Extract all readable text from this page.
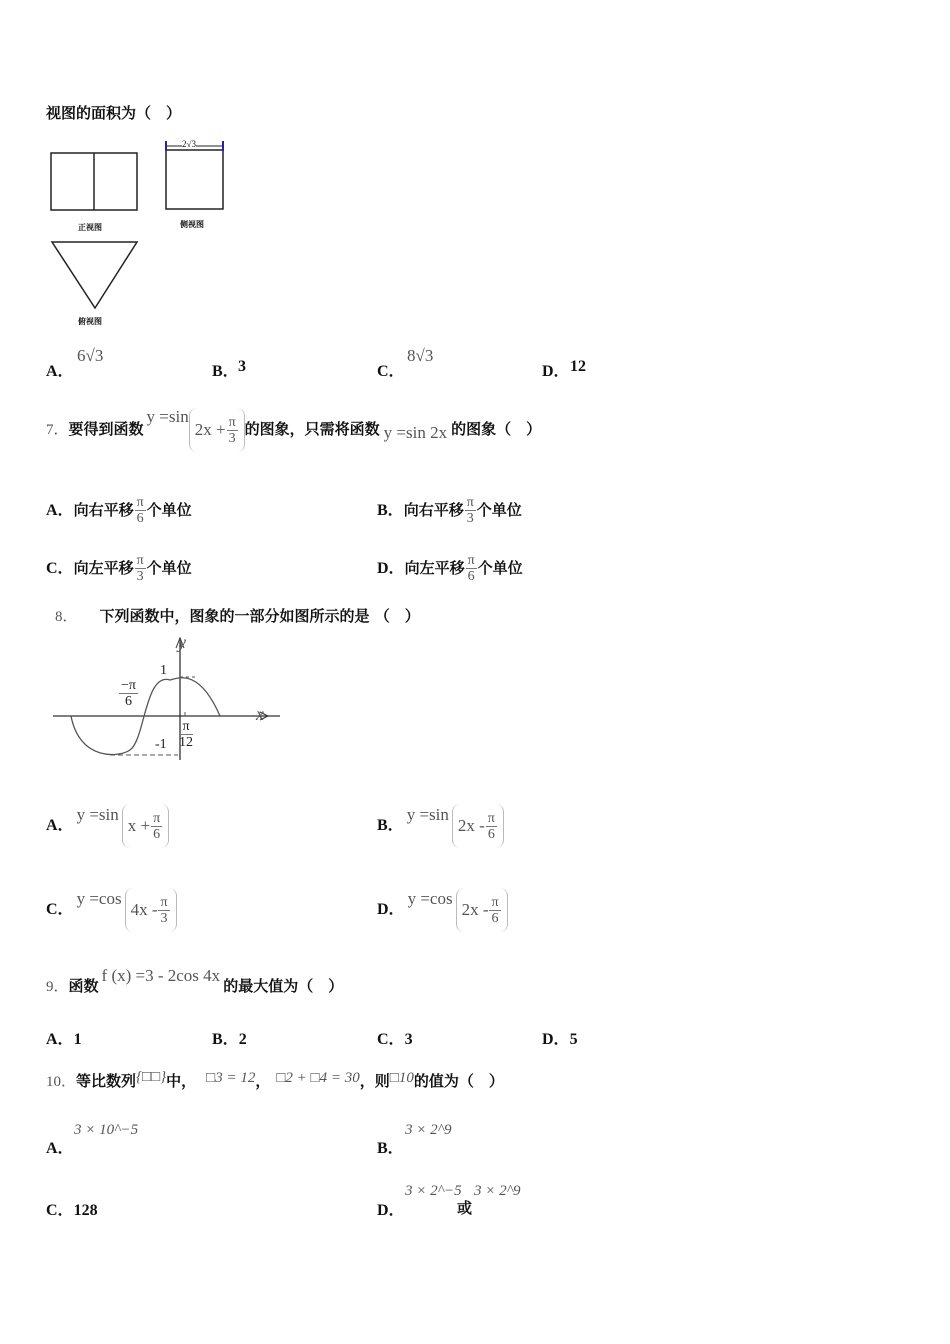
视图的面积为（　）
2√3
正视图	侧视图
俯视图
A．
6√3
B． 3	C．
8√3
D． 12
7．要得到函数$y =\sin 2x + \frac{\pi}{3}$ 的图象，只需将函数 y =sin 2x 的图象（　）
A．向右平移 $\frac{\pi}{6}$ 个单位	B．向右平移 $\frac{\pi}{3}$ 个单位
C．向左平移 $\frac{\pi}{3}$ 个单位	D．向左平移 $\frac{\pi}{6}$ 个单位
8． 下列函数中，图象的一部分如图所示的是 （　）
y
x
1
-1
$\frac{-\pi}{6}$
$\frac{\pi}{12}$
A．$y =\sin x + \frac{\pi}{6}$	B．$y =\sin 2x - \frac{\pi}{6}$
C．$y =\cos 4x - \frac{\pi}{3}$	D．$y =\cos 2x - \frac{\pi}{6}$
9．函数f (x) =3 - 2cos 4x的最大值为（　）
A．1	B．2	C．3	D．5
10．等比数列{□□}中， □3 = 12， □2 + □4 = 30，则□10的值为（　）
A．
3 × 10^−5
B．
3 × 2^9
C．128	D．
3 × 2^−5
或
3 × 2^9
